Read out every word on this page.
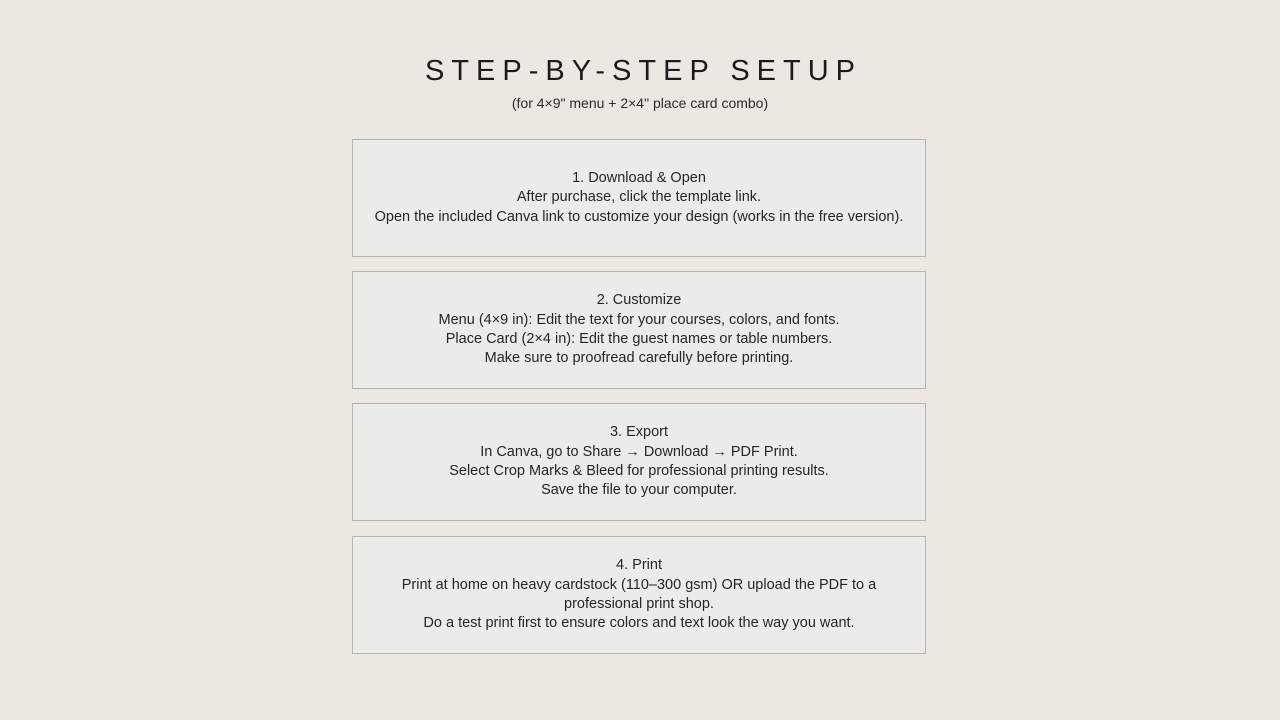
STEP-BY-STEP SETUP
(for 4×9" menu + 2×4" place card combo)
1. Download & Open
After purchase, click the template link.
Open the included Canva link to customize your design (works in the free version).
2. Customize
Menu (4×9 in): Edit the text for your courses, colors, and fonts.
Place Card (2×4 in): Edit the guest names or table numbers.
Make sure to proofread carefully before printing.
3. Export
In Canva, go to Share → Download → PDF Print.
Select Crop Marks & Bleed for professional printing results.
Save the file to your computer.
4. Print
Print at home on heavy cardstock (110–300 gsm) OR upload the PDF to a
professional print shop.
Do a test print first to ensure colors and text look the way you want.
